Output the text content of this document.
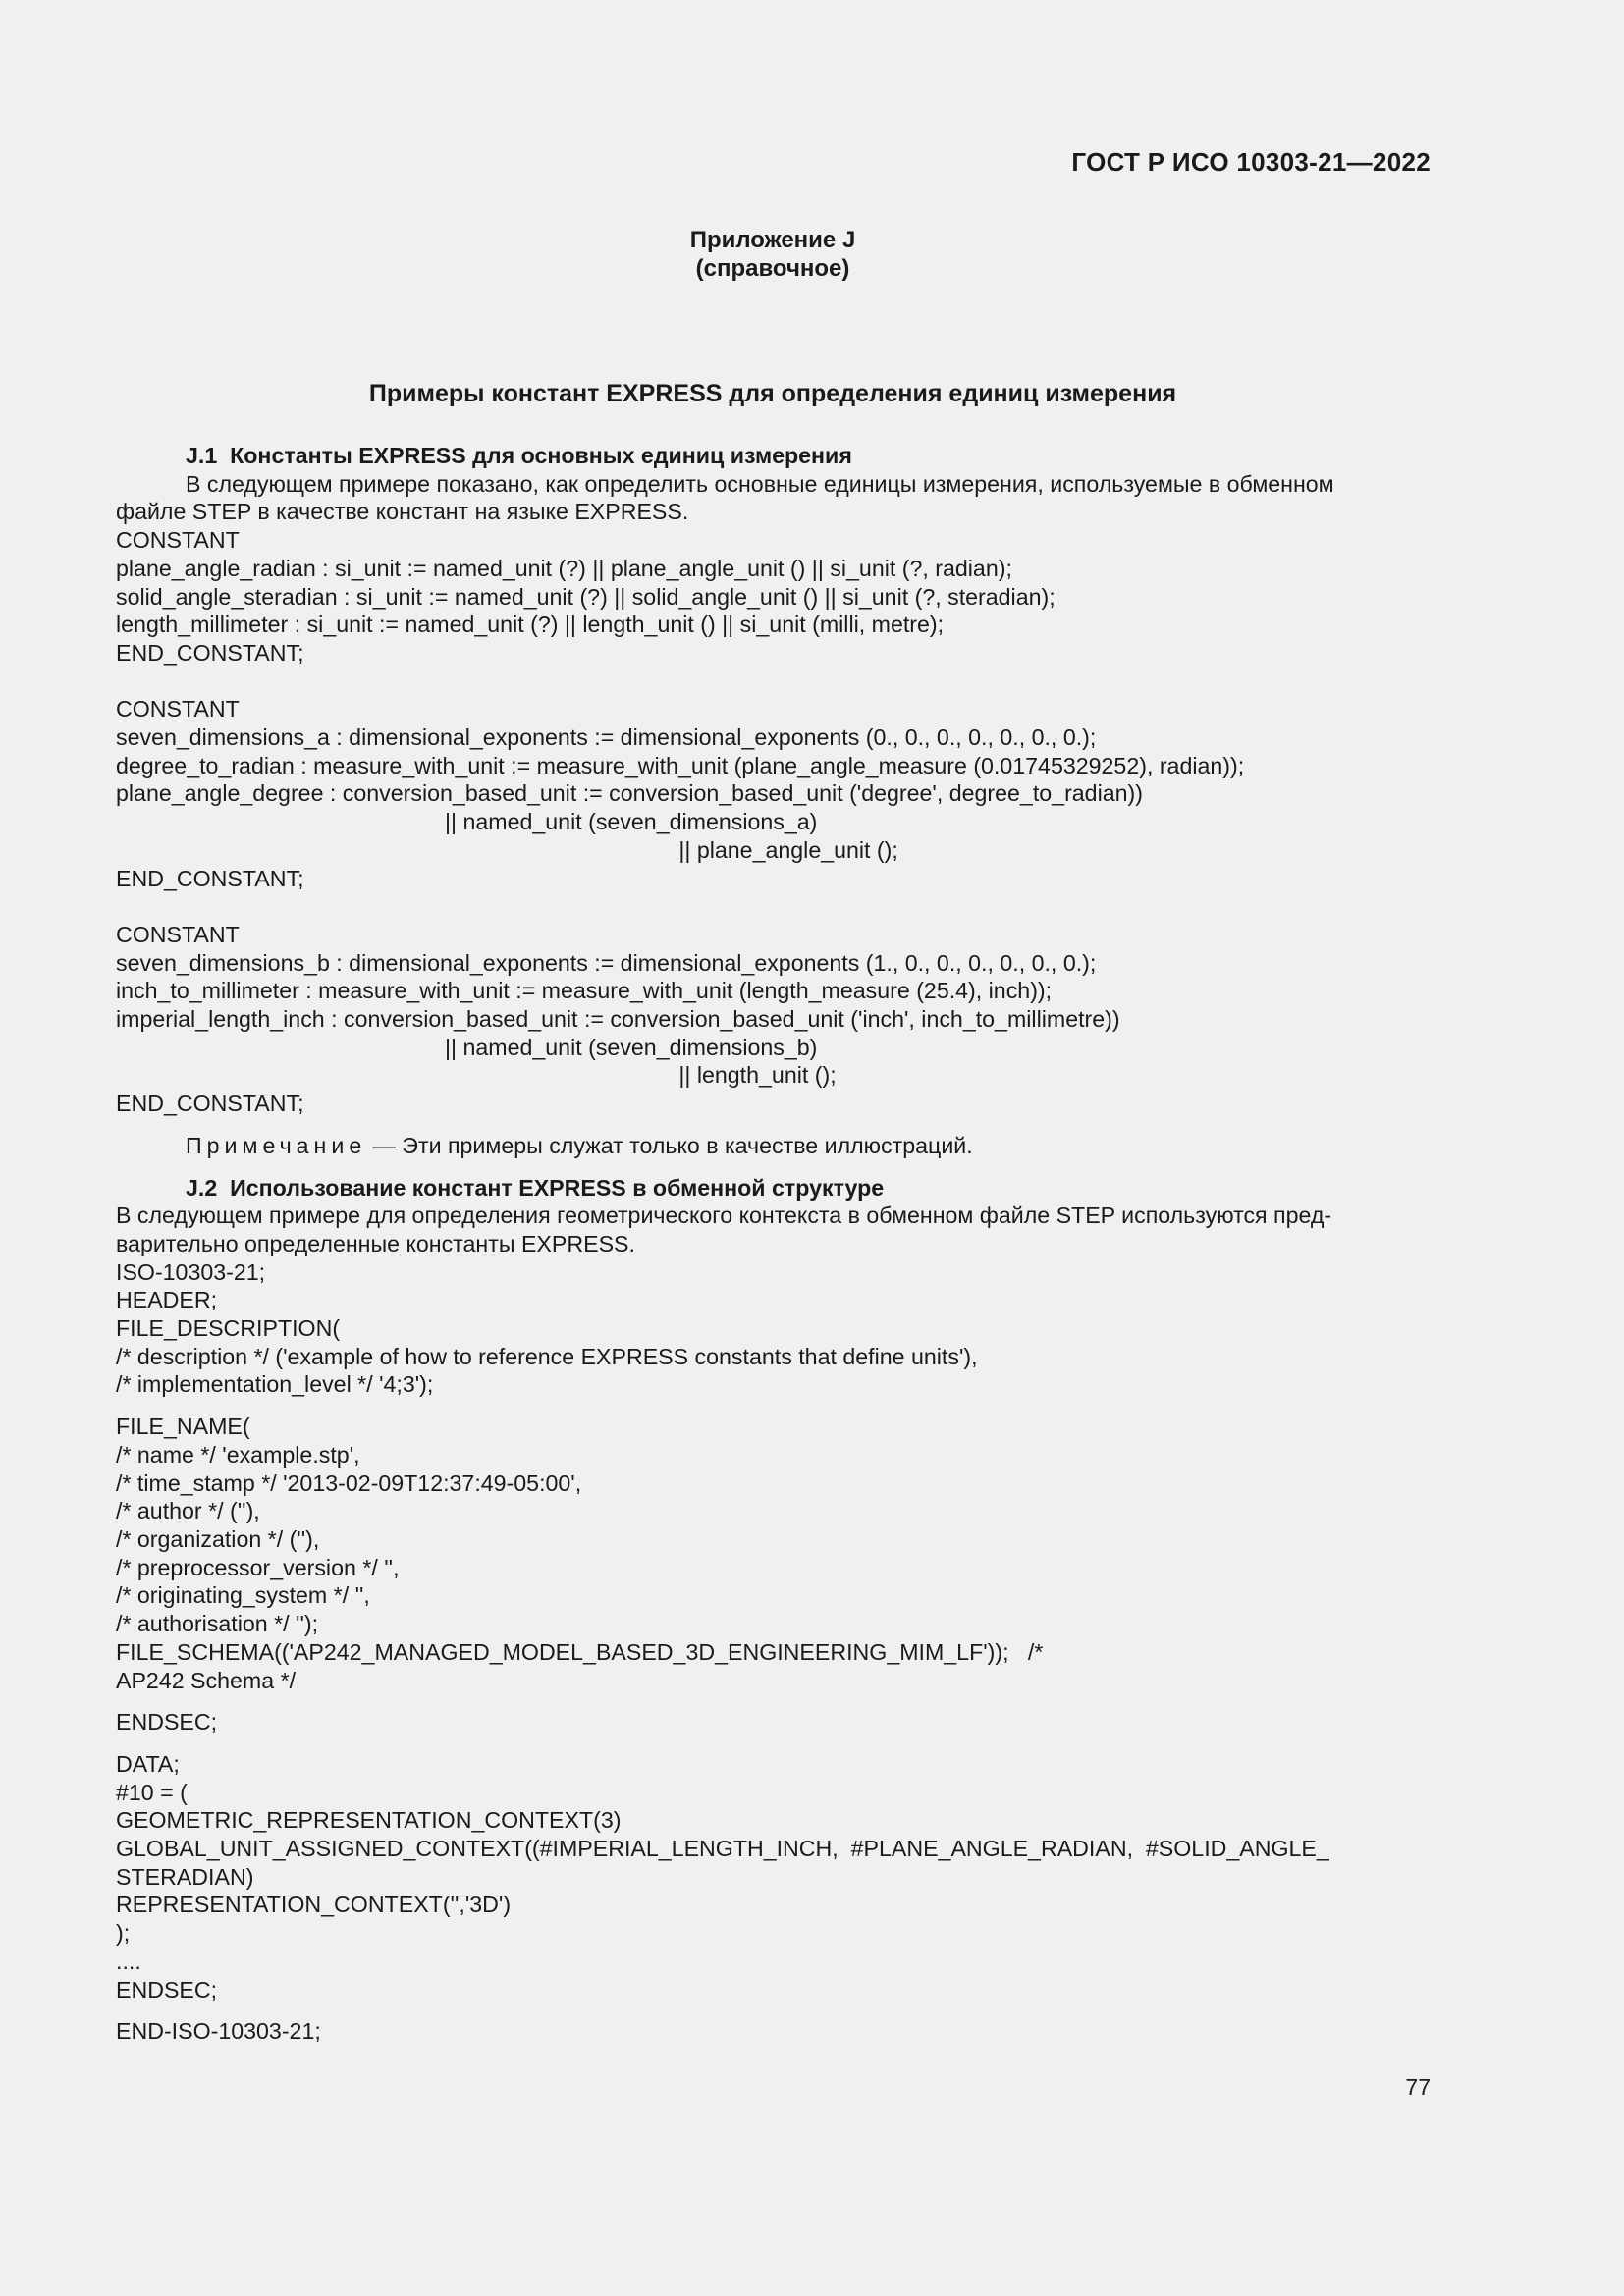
ГОСТ Р ИСО 10303-21—2022
Приложение J
(справочное)
Примеры констант EXPRESS для определения единиц измерения
J.1  Константы EXPRESS для основных единиц измерения
В следующем примере показано, как определить основные единицы измерения, используемые в обменном
файле STEP в качестве констант на языке EXPRESS.
CONSTANT
plane_angle_radian : si_unit := named_unit (?) || plane_angle_unit () || si_unit (?, radian);
solid_angle_steradian : si_unit := named_unit (?) || solid_angle_unit () || si_unit (?, steradian);
length_millimeter : si_unit := named_unit (?) || length_unit () || si_unit (milli, metre);
END_CONSTANT;
CONSTANT
seven_dimensions_a : dimensional_exponents := dimensional_exponents (0., 0., 0., 0., 0., 0., 0.);
degree_to_radian : measure_with_unit := measure_with_unit (plane_angle_measure (0.01745329252), radian));
plane_angle_degree : conversion_based_unit := conversion_based_unit ('degree', degree_to_radian))
|| named_unit (seven_dimensions_a)
|| plane_angle_unit ();
END_CONSTANT;
CONSTANT
seven_dimensions_b : dimensional_exponents := dimensional_exponents (1., 0., 0., 0., 0., 0., 0.);
inch_to_millimeter : measure_with_unit := measure_with_unit (length_measure (25.4), inch));
imperial_length_inch : conversion_based_unit := conversion_based_unit ('inch', inch_to_millimetre))
|| named_unit (seven_dimensions_b)
|| length_unit ();
END_CONSTANT;
Примечание — Эти примеры служат только в качестве иллюстраций.
J.2  Использование констант EXPRESS в обменной структуре
В следующем примере для определения геометрического контекста в обменном файле STEP используются пред-
варительно определенные константы EXPRESS.
ISO-10303-21;
HEADER;
FILE_DESCRIPTION(
/* description */ ('example of how to reference EXPRESS constants that define units'),
/* implementation_level */ '4;3');
FILE_NAME(
/* name */ 'example.stp',
/* time_stamp */ '2013-02-09T12:37:49-05:00',
/* author */ (''),
/* organization */ (''),
/* preprocessor_version */ '',
/* originating_system */ '',
/* authorisation */ '');
FILE_SCHEMA(('AP242_MANAGED_MODEL_BASED_3D_ENGINEERING_MIM_LF'));   /*
AP242 Schema */
ENDSEC;
DATA;
#10 = (
GEOMETRIC_REPRESENTATION_CONTEXT(3)
GLOBAL_UNIT_ASSIGNED_CONTEXT((#IMPERIAL_LENGTH_INCH,  #PLANE_ANGLE_RADIAN,  #SOLID_ANGLE_
STERADIAN)
REPRESENTATION_CONTEXT('','3D')
);
....
ENDSEC;
END-ISO-10303-21;
77
